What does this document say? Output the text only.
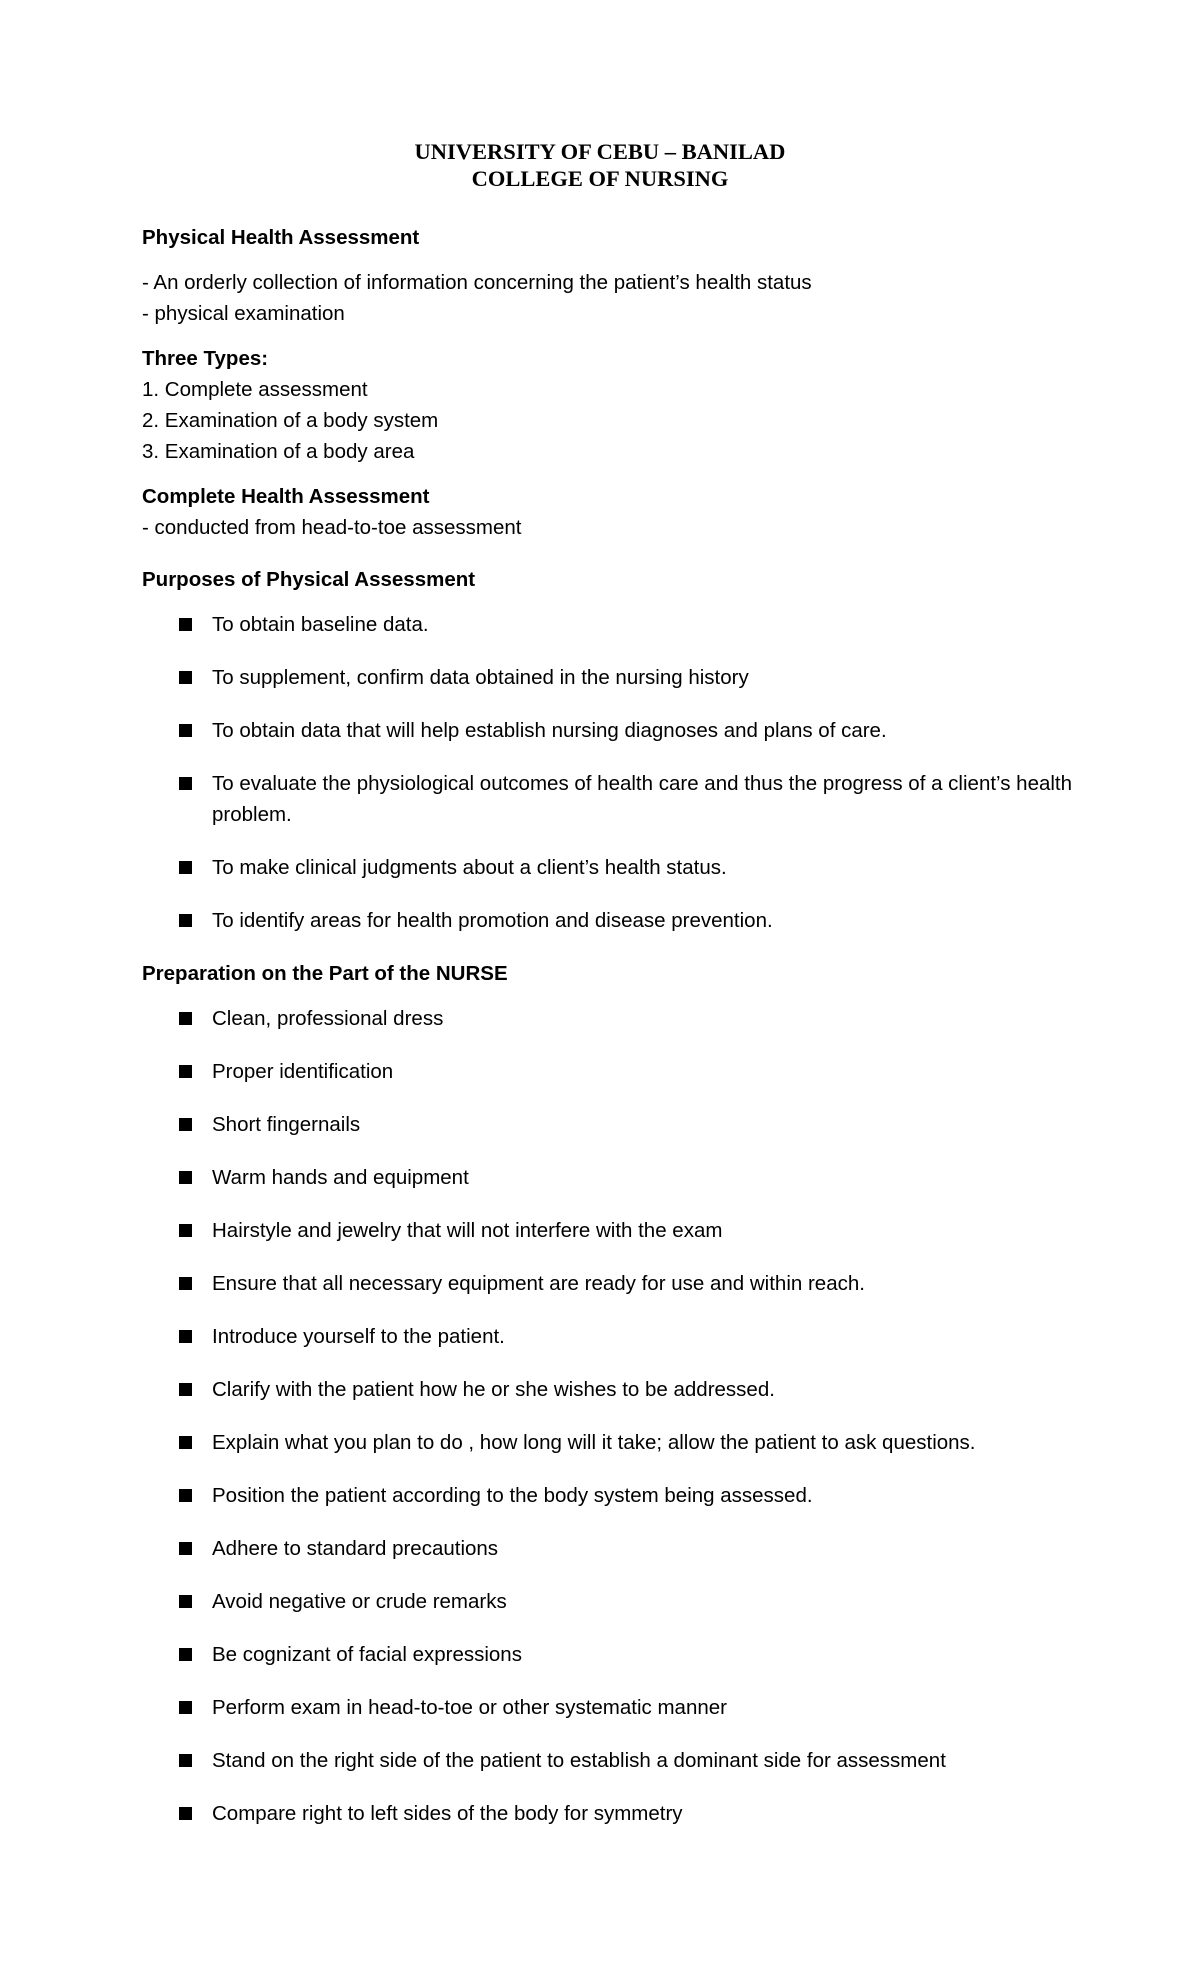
UNIVERSITY OF CEBU – BANILAD
COLLEGE OF NURSING

Physical Health Assessment

- An orderly collection of information concerning the patient’s health status

- physical examination

Three Types:

1. Complete assessment

2. Examination of a body system

3. Examination of a body area

Complete Health Assessment

- conducted from head-to-toe assessment

Purposes of Physical Assessment

To obtain baseline data.
To supplement, confirm data obtained in the nursing history
To obtain data that will help establish nursing diagnoses and plans of care.
To evaluate the physiological outcomes of health care and thus the progress of a client’s health problem.
To make clinical judgments about a client’s health status.
To identify areas for health promotion and disease prevention.

Preparation on the Part of the NURSE

Clean, professional dress
Proper identification
Short fingernails
Warm hands and equipment
Hairstyle and jewelry that will not interfere with the exam
Ensure that all necessary equipment are ready for use and within reach.
Introduce yourself to the patient.
Clarify with the patient how he or she wishes to be addressed.
Explain what you plan to do , how long will it take; allow the patient to ask questions.
Position the patient according to the body system being assessed.
Adhere to standard precautions
Avoid negative or crude remarks
Be cognizant of facial expressions
Perform exam in head-to-toe or other systematic manner
Stand on the right side of the patient to establish a dominant side for assessment
Compare right to left sides of the body for symmetry
